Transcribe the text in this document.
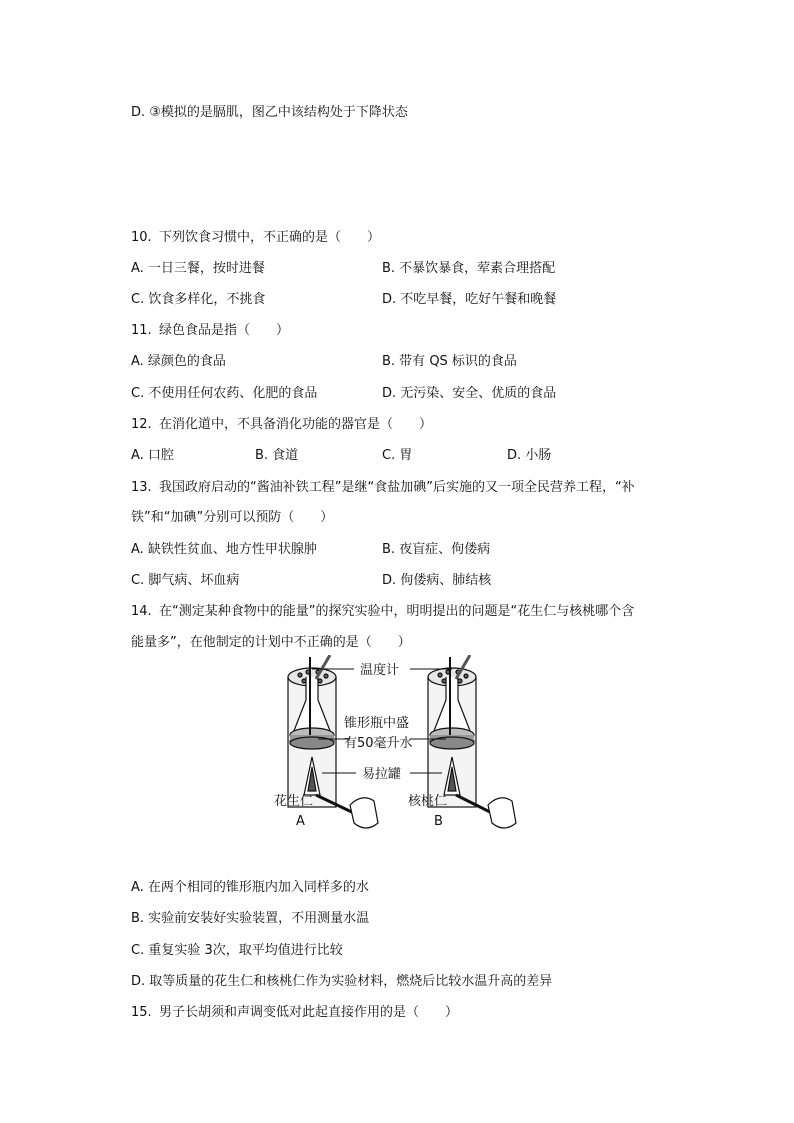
D. ③模拟的是膈肌，图乙中该结构处于下降状态
10. 下列饮食习惯中，不正确的是（　　）
A. 一日三餐，按时进餐	B. 不暴饮暴食，荤素合理搭配
C. 饮食多样化，不挑食	D. 不吃早餐，吃好午餐和晚餐
11. 绿色食品是指（　　）
A. 绿颜色的食品	B. 带有 QS 标识的食品
C. 不使用任何农药、化肥的食品	D. 无污染、安全、优质的食品
12. 在消化道中，不具备消化功能的器官是（　　）
A. 口腔	B. 食道	C. 胃	D. 小肠
13. 我国政府启动的“酱油补铁工程”是继“食盐加碘”后实施的又一项全民营养工程，“补
铁”和“加碘”分别可以预防（　　）
A. 缺铁性贫血、地方性甲状腺肿	B. 夜盲症、佝偻病
C. 脚气病、坏血病	D. 佝偻病、肺结核
14. 在“测定某种食物中的能量”的探究实验中，明明提出的问题是“花生仁与核桃哪个含
能量多”，在他制定的计划中不正确的是（　　）
温度计
锥形瓶中盛
有50毫升水
易拉罐
花生仁	核桃仁
A	B
A. 在两个相同的锥形瓶内加入同样多的水
B. 实验前安装好实验装置，不用测量水温
C. 重复实验 3次，取平均值进行比较
D. 取等质量的花生仁和核桃仁作为实验材料，燃烧后比较水温升高的差异
15. 男子长胡须和声调变低对此起直接作用的是（　　）
